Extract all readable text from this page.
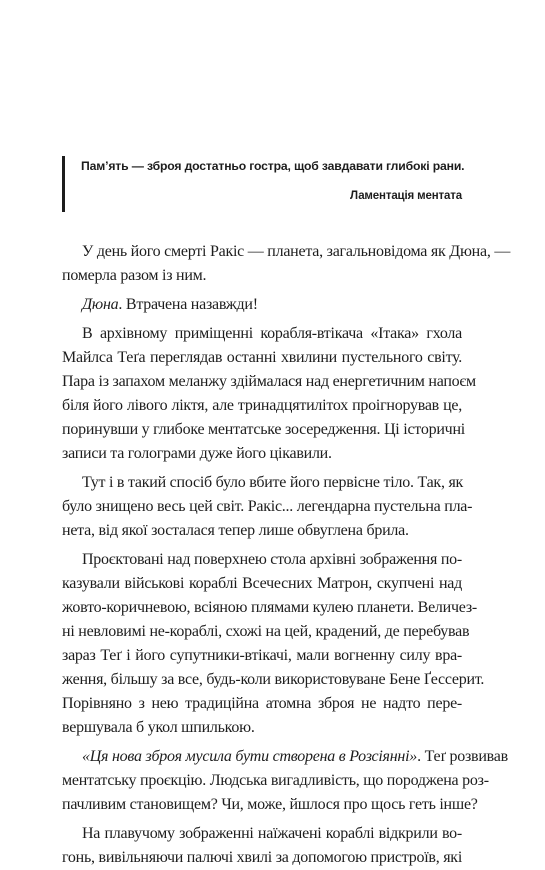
Пам’ять — зброя достатньо гостра, щоб завдавати глибокі рани.
Ламентація ментата
У день його смерті Ракіс — планета, загальновідома як Дюна, —
померла разом із ним.
Дюна. Втрачена назавжди!
В архівному приміщенні корабля-втікача «Ітака» гхола
Майлса Теґа переглядав останні хвилини пустельного світу.
Пара із запахом меланжу здіймалася над енергетичним напоєм
біля його лівого ліктя, але тринадцятилітох проігнорував це,
поринувши у глибоке ментатське зосередження. Ці історичні
записи та голограми дуже його цікавили.
Тут і в такий спосіб було вбите його первісне тіло. Так, як
було знищено весь цей світ. Ракіс... легендарна пустельна пла-
нета, від якої зосталася тепер лише обвуглена брила.
Проєктовані над поверхнею стола архівні зображення по-
казували військові кораблі Всечесних Матрон, скупчені над
жовто-коричневою, всіяною плямами кулею планети. Величез-
ні невловимі не-кораблі, схожі на цей, крадений, де перебував
зараз Теґ і його супутники-втікачі, мали вогненну силу вра-
ження, більшу за все, будь-коли використовуване Бене Ґессерит.
Порівняно з нею традиційна атомна зброя не надто пере-
вершувала б укол шпилькою.
«Ця нова зброя мусила бути створена в Розсіянні». Теґ розвивав
ментатську проєкцію. Людська вигадливість, що породжена роз-
пачливим становищем? Чи, може, йшлося про щось геть інше?
На плавучому зображенні наїжачені кораблі відкрили во-
гонь, вивільняючи палючі хвилі за допомогою пристроїв, які
